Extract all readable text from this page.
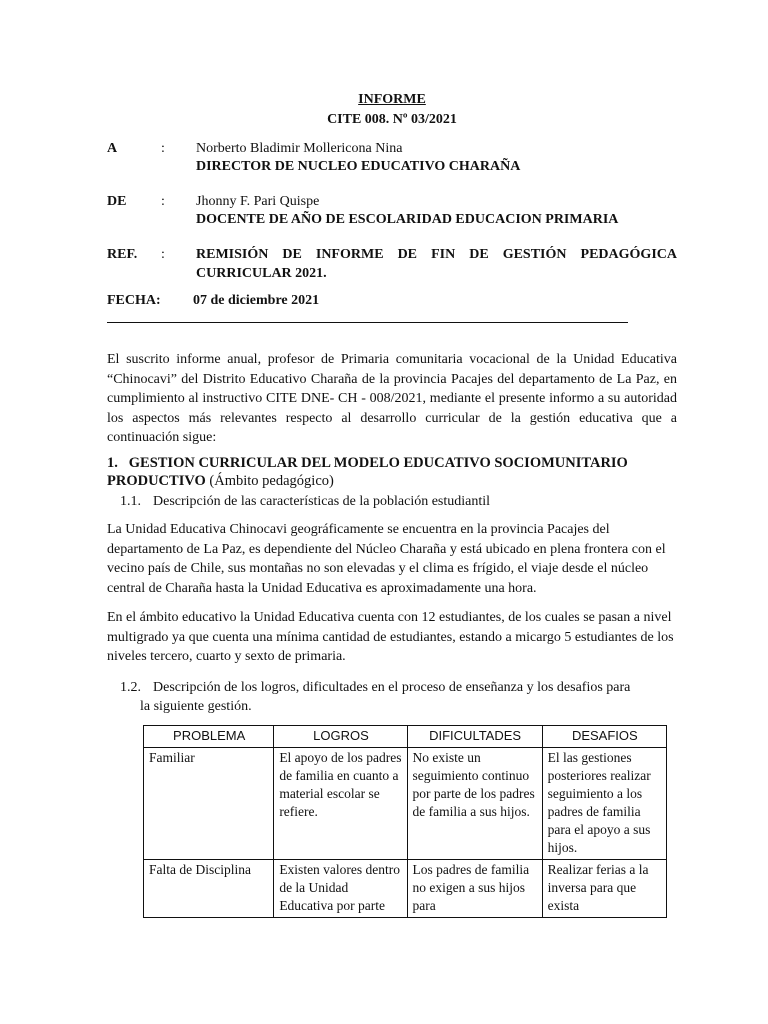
INFORME
CITE 008. Nº 03/2021
A	: Norberto Bladimir Mollericona Nina
DIRECTOR DE NUCLEO EDUCATIVO CHARAÑA
DE : Jhonny F. Pari Quispe
DOCENTE DE AÑO DE ESCOLARIDAD EDUCACION PRIMARIA
REF. : REMISIÓN DE INFORME DE FIN DE GESTIÓN PEDAGÓGICA CURRICULAR 2021.
FECHA: 07 de diciembre 2021
El suscrito informe anual, profesor de Primaria comunitaria vocacional de la Unidad Educativa “Chinocavi” del Distrito Educativo Charaña de la provincia Pacajes del departamento de La Paz, en cumplimiento al instructivo CITE DNE- CH - 008/2021, mediante el presente informo a su autoridad los aspectos más relevantes respecto al desarrollo curricular de la gestión educativa que a continuación sigue:
1. GESTION CURRICULAR DEL MODELO EDUCATIVO SOCIOMUNITARIO PRODUCTIVO (Ámbito pedagógico)
1.1. Descripción de las características de la población estudiantil
La Unidad Educativa Chinocavi geográficamente se encuentra en la provincia Pacajes del departamento de La Paz, es dependiente del Núcleo Charaña y está ubicado en plena frontera con el vecino país de Chile, sus montañas no son elevadas y el clima es frígido, el viaje desde el núcleo central de Charaña hasta la Unidad Educativa es aproximadamente una hora.
En el ámbito educativo la Unidad Educativa cuenta con 12 estudiantes, de los cuales se pasan a nivel multigrado ya que cuenta una mínima cantidad de estudiantes, estando a micargo 5 estudiantes de los niveles tercero, cuarto y sexto de primaria.
1.2. Descripción de los logros, dificultades en el proceso de enseñanza y los desafios para
la siguiente gestión.
PROBLEMA	LOGROS	DIFICULTADES	DESAFIOS
Familiar	El apoyo de los padres de familia en cuanto a material escolar se refiere.	No existe un seguimiento continuo por parte de los padres de familia a sus hijos.	El las gestiones posteriores realizar seguimiento a los padres de familia para el apoyo a sus hijos.
Falta de Disciplina	Existen valores dentro de la Unidad Educativa por parte	Los padres de familia no exigen a sus hijos para	Realizar ferias a la inversa para que exista
